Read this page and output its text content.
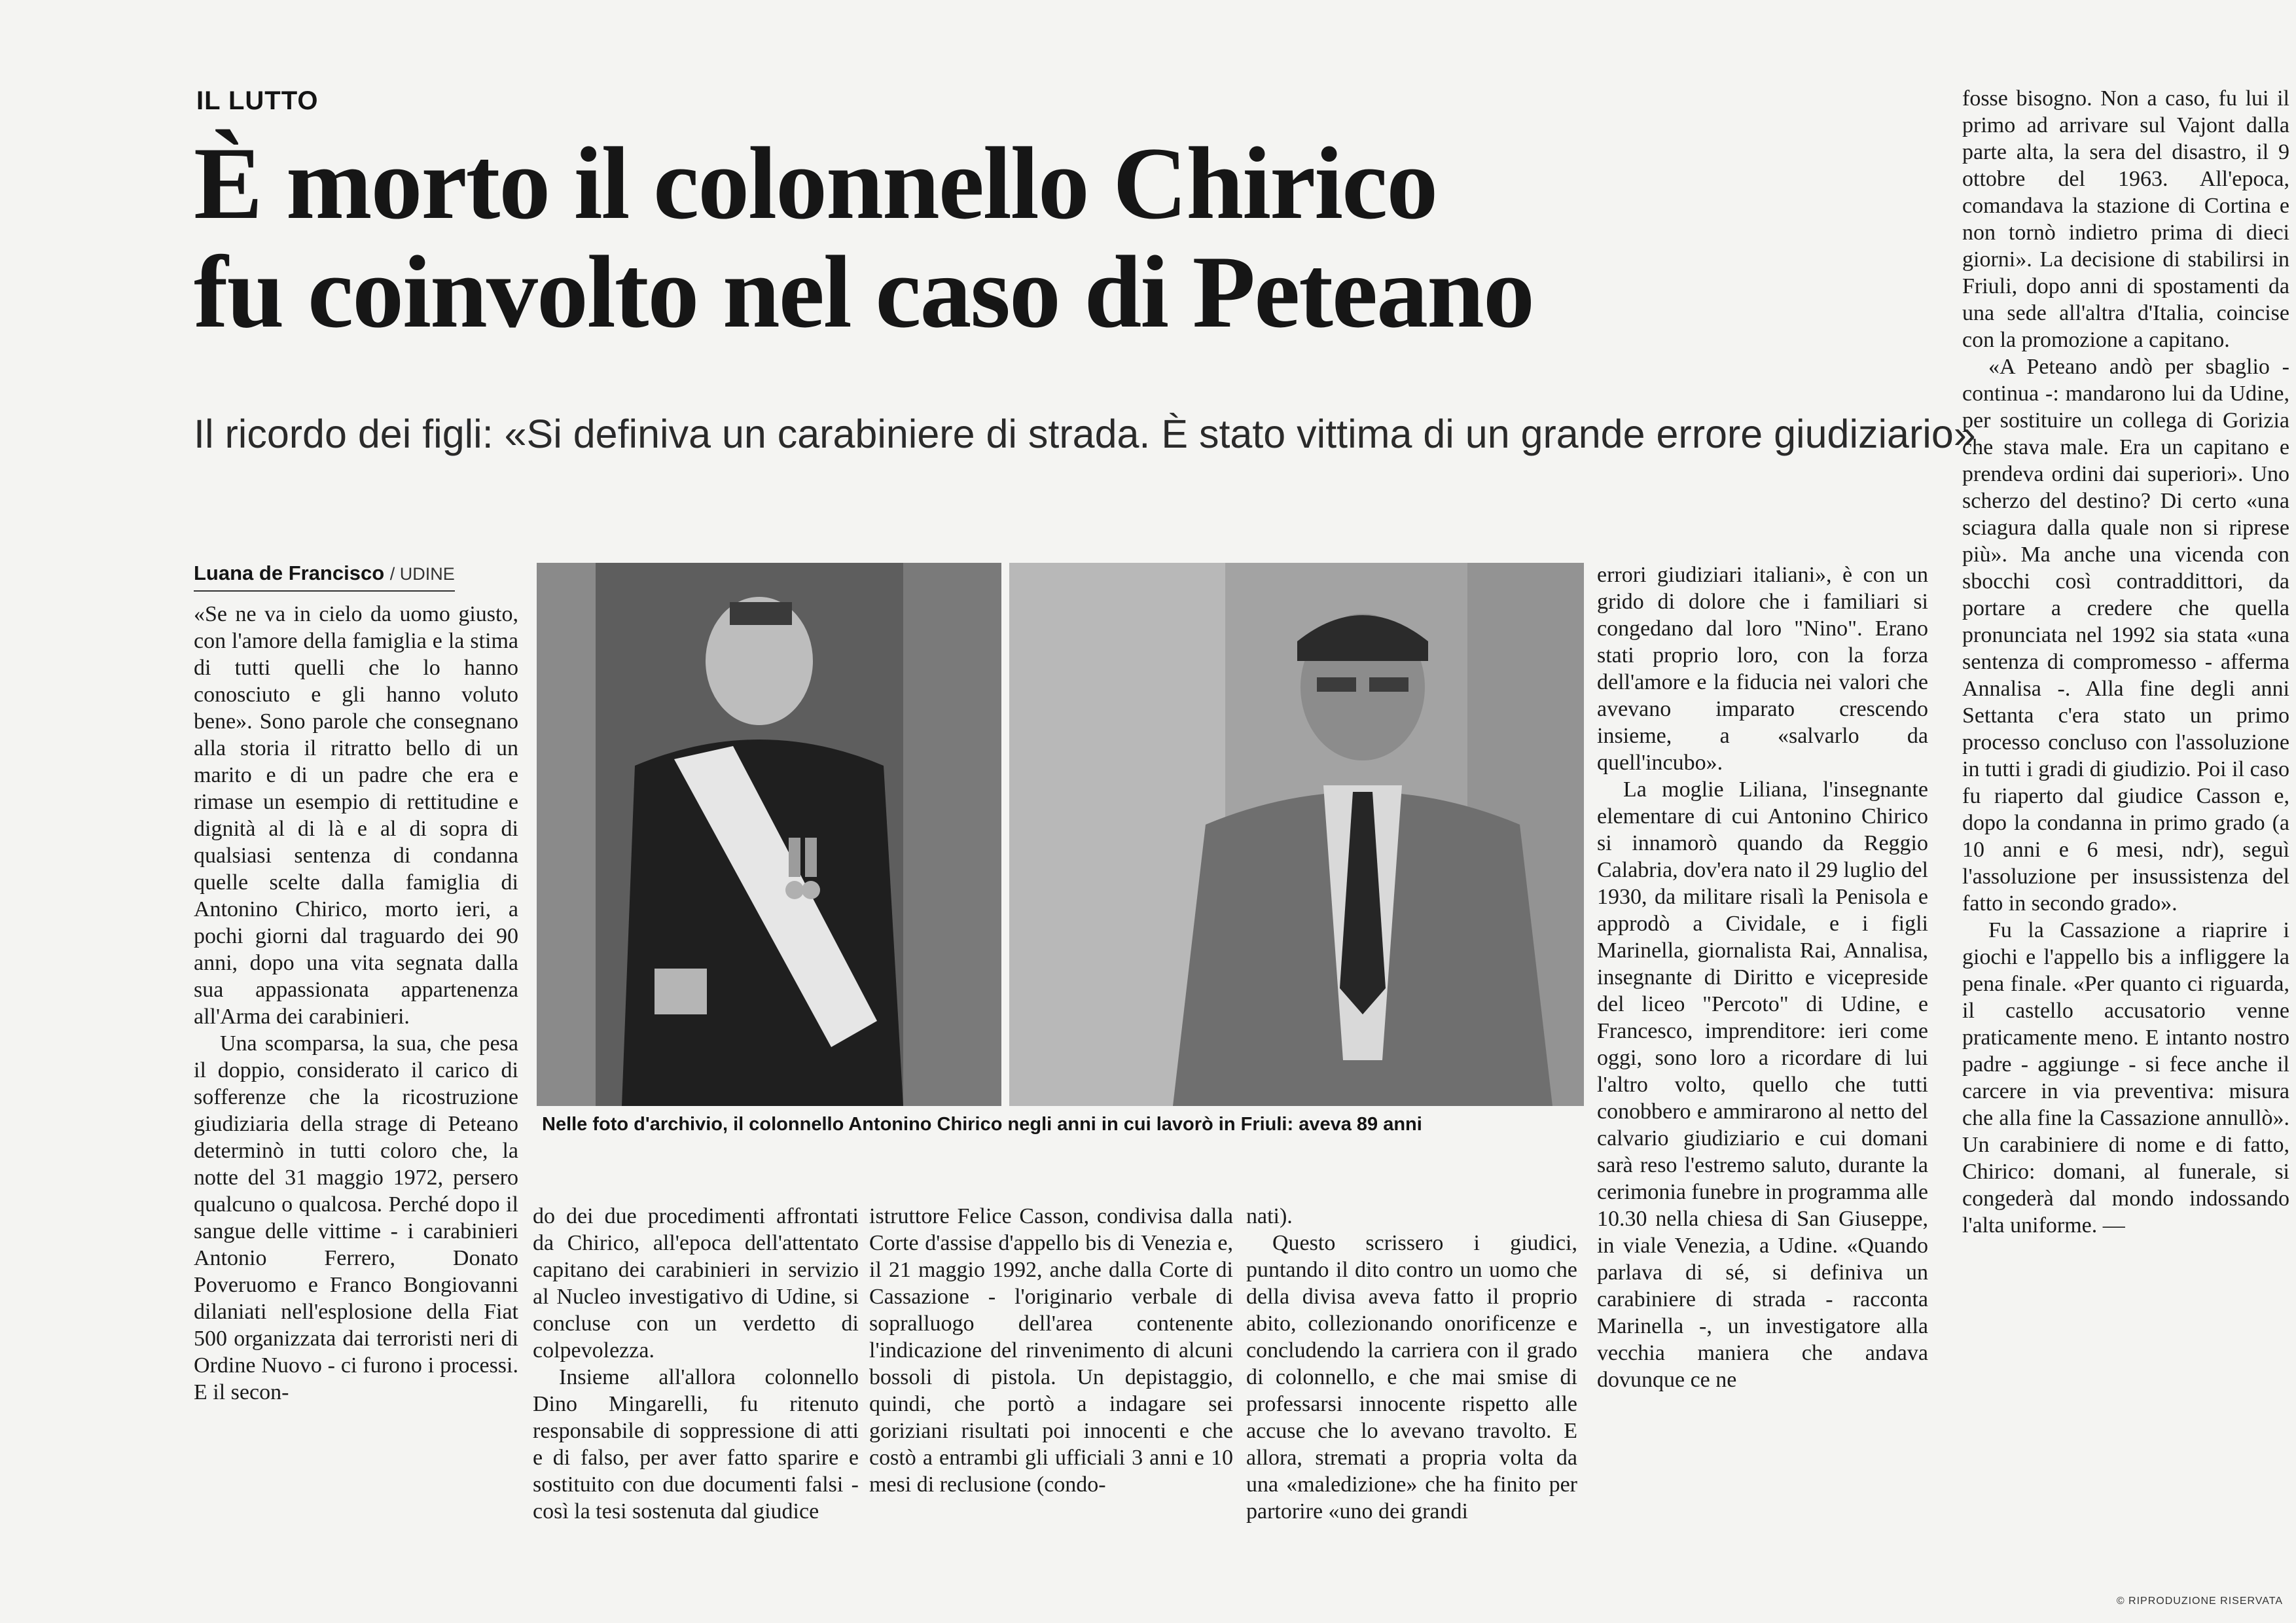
IL LUTTO
È morto il colonnello Chirico
fu coinvolto nel caso di Peteano
Il ricordo dei figli: «Si definiva un carabiniere di strada. È stato vittima di un grande errore giudiziario»
Luana de Francisco / UDINE

«Se ne va in cielo da uomo giusto, con l'amore della famiglia e la stima di tutti quelli che lo hanno conosciuto e gli hanno voluto bene». Sono parole che consegnano alla storia il ritratto bello di un marito e di un padre che era e rimase un esempio di rettitudine e dignità al di là e al di sopra di qualsiasi sentenza di condanna quelle scelte dalla famiglia di Antonino Chirico, morto ieri, a pochi giorni dal traguardo dei 90 anni, dopo una vita segnata dalla sua appassionata appartenenza all'Arma dei carabinieri.

Una scomparsa, la sua, che pesa il doppio, considerato il carico di sofferenze che la ricostruzione giudiziaria della strage di Peteano determinò in tutti coloro che, la notte del 31 maggio 1972, persero qualcuno o qualcosa. Perché dopo il sangue delle vittime - i carabinieri Antonio Ferrero, Donato Poveruomo e Franco Bongiovanni dilaniati nell'esplosione della Fiat 500 organizzata dai terroristi neri di Ordine Nuovo - ci furono i processi. E il secon-

Nelle foto d'archivio, il colonnello Antonino Chirico negli anni in cui lavorò in Friuli: aveva 89 anni

do dei due procedimenti affrontati da Chirico, all'epoca dell'attentato capitano dei carabinieri in servizio al Nucleo investigativo di Udine, si concluse con un verdetto di colpevolezza.

Insieme all'allora colonnello Dino Mingarelli, fu ritenuto responsabile di soppressione di atti e di falso, per aver fatto sparire e sostituito con due documenti falsi - così la tesi sostenuta dal giudice

istruttore Felice Casson, condivisa dalla Corte d'assise d'appello bis di Venezia e, il 21 maggio 1992, anche dalla Corte di Cassazione - l'originario verbale di sopralluogo dell'area contenente l'indicazione del rinvenimento di alcuni bossoli di pistola. Un depistaggio, quindi, che portò a indagare sei goriziani risultati poi innocenti e che costò a entrambi gli ufficiali 3 anni e 10 mesi di reclusione (condo-

nati).

Questo scrissero i giudici, puntando il dito contro un uomo che della divisa aveva fatto il proprio abito, collezionando onorificenze e concludendo la carriera con il grado di colonnello, e che mai smise di professarsi innocente rispetto alle accuse che lo avevano travolto. E allora, stremati a propria volta da una «maledizione» che ha finito per partorire «uno dei grandi

errori giudiziari italiani», è con un grido di dolore che i familiari si congedano dal loro "Nino". Erano stati proprio loro, con la forza dell'amore e la fiducia nei valori che avevano imparato crescendo insieme, a «salvarlo da quell'incubo».

La moglie Liliana, l'insegnante elementare di cui Antonino Chirico si innamorò quando da Reggio Calabria, dov'era nato il 29 luglio del 1930, da militare risalì la Penisola e approdò a Cividale, e i figli Marinella, giornalista Rai, Annalisa, insegnante di Diritto e vicepreside del liceo "Percoto" di Udine, e Francesco, imprenditore: ieri come oggi, sono loro a ricordare di lui l'altro volto, quello che tutti conobbero e ammirarono al netto del calvario giudiziario e cui domani sarà reso l'estremo saluto, durante la cerimonia funebre in programma alle 10.30 nella chiesa di San Giuseppe, in viale Venezia, a Udine. «Quando parlava di sé, si definiva un carabiniere di strada - racconta Marinella -, un investigatore alla vecchia maniera che andava dovunque ce ne

fosse bisogno. Non a caso, fu lui il primo ad arrivare sul Vajont dalla parte alta, la sera del disastro, il 9 ottobre del 1963. All'epoca, comandava la stazione di Cortina e non tornò indietro prima di dieci giorni». La decisione di stabilirsi in Friuli, dopo anni di spostamenti da una sede all'altra d'Italia, coincise con la promozione a capitano.

«A Peteano andò per sbaglio - continua -: mandarono lui da Udine, per sostituire un collega di Gorizia che stava male. Era un capitano e prendeva ordini dai superiori». Uno scherzo del destino? Di certo «una sciagura dalla quale non si riprese più». Ma anche una vicenda con sbocchi così contraddittori, da portare a credere che quella pronunciata nel 1992 sia stata «una sentenza di compromesso - afferma Annalisa -. Alla fine degli anni Settanta c'era stato un primo processo concluso con l'assoluzione in tutti i gradi di giudizio. Poi il caso fu riaperto dal giudice Casson e, dopo la condanna in primo grado (a 10 anni e 6 mesi, ndr), seguì l'assoluzione per insussistenza del fatto in secondo grado».

Fu la Cassazione a riaprire i giochi e l'appello bis a infliggere la pena finale. «Per quanto ci riguarda, il castello accusatorio venne praticamente meno. E intanto nostro padre - aggiunge - si fece anche il carcere in via preventiva: misura che alla fine la Cassazione annullò». Un carabiniere di nome e di fatto, Chirico: domani, al funerale, si congederà dal mondo indossando l'alta uniforme. —

© RIPRODUZIONE RISERVATA
